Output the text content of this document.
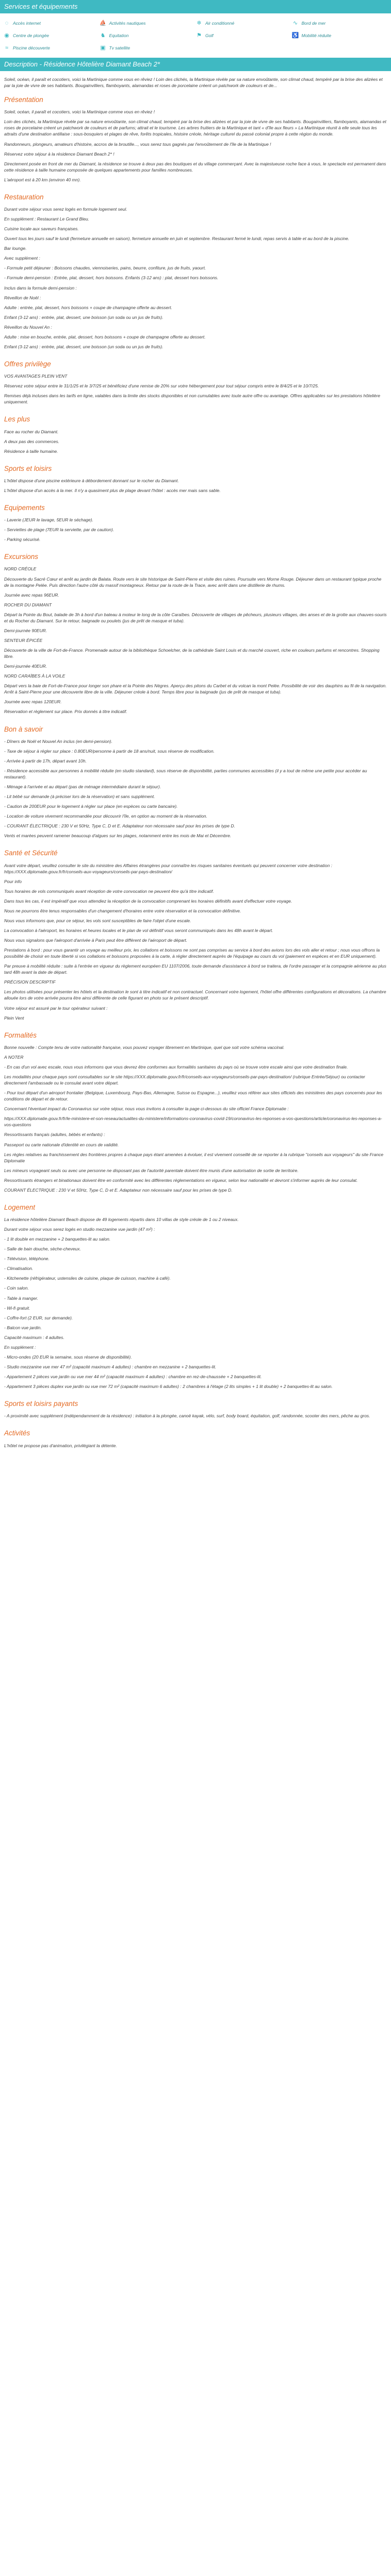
Services et équipements
◌	Accès internet	⛵ Activités nautiques	❄ Air conditionné	∿ Bord de mer
◉ Centre de plongée	♞ Equitation	⚑ Golf	♿ Mobilité réduite
≈	Piscine découverte	▣ Tv satellite
Description - Résidence Hôtelière Diamant Beach 2*

Soleil, océan, il paraît et cocotiers, voici la Martinique comme vous en rêviez ! Loin des clichés, la Martinique révèle par sa nature envoûtante, son climat chaud, tempéré par la brise des alizées et par la joie de vivre de ses habitants. Bougainvilliers, flamboyants, alamandas et roses de porcelaine créent un patchwork de couleurs et de...

Présentation

Soleil, océan, il paraît et cocotiers, voici la Martinique comme vous en rêviez !

Loin des clichés, la Martinique révèle par sa nature envoûtante, son climat chaud, tempéré par la brise des alizées et par la joie de vivre de ses habitants. Bougainvilliers, flamboyants, alamandas et roses de porcelaine créent un patchwork de couleurs et de parfums; attrait et le tourisme. Les arbres fruitiers de la Martinique et tant « d'île aux fleurs » La Martinique réunit à elle seule tous les attraits d'une destination antillaise : sous-bosquiers et plages de rêve, forêts tropicales, histoire créole, héritage culturel du passé colonial propre à cette région du monde.

Randonneurs, plongeurs, amateurs d'histoire, accros de la broutille..., vous serez tous gagnés par l'envoûtement de l'île de la Martinique !

Réservez votre séjour à la résidence Diamant Beach 2* !

Directement posée en front de mer du Diamant, la résidence se trouve à deux pas des boutiques et du village commerçant. Avec la majestueuse roche face à vous, le spectacle est permanent dans cette résidence à taille humaine composée de quelques appartements pour familles nombreuses.

L'aéroport est à 20 km (environ 40 mn).

Restauration

Durant votre séjour vous serez logés en formule logement seul.

En supplément : Restaurant Le Grand Bleu.

Cuisine locale aux saveurs françaises.

Ouvert tous les jours sauf le lundi (fermeture annuelle en saison), fermeture annuelle en juin et septembre. Restaurant fermé le lundi, repas servis à table et au bord de la piscine.

Bar lounge.

Avec supplément :

- Formule petit déjeuner : Boissons chaudes, viennoiseries, pains, beurre, confiture, jus de fruits, yaourt.

- Formule demi-pension : Entrée, plat, dessert, hors boissons. Enfants (3-12 ans) : plat, dessert hors boissons.

Inclus dans la formule demi-pension :

Réveillon de Noël :

Adulte : entrée, plat, dessert, hors boissons + coupe de champagne offerte au dessert.

Enfant (3-12 ans) : entrée, plat, dessert, une boisson (un soda ou un jus de fruits).

Réveillon du Nouvel An :

Adulte : mise en bouche, entrée, plat, dessert, hors boissons + coupe de champagne offerte au dessert.

Enfant (3-12 ans) : entrée, plat, dessert, une boisson (un soda ou un jus de fruits).

Offres privilège

VOS AVANTAGES PLEIN VENT

Réservez votre séjour entre le 31/1/25 et le 3/7/25 et bénéficiez d'une remise de 20% sur votre hébergement pour tout séjour compris entre le 8/4/25 et le 10/7/25.

Remises déjà incluses dans les tarifs en ligne, valables dans la limite des stocks disponibles et non cumulables avec toute autre offre ou avantage. Offres applicables sur les prestations hôtelière uniquement.

Les plus

Face au rocher du Diamant.

A deux pas des commerces.

Résidence à taille humaine.

Sports et loisirs

L'hôtel dispose d'une piscine extérieure à débordement donnant sur le rocher du Diamant.

L'hôtel dispose d'un accès à la mer. Il n'y a quasiment plus de plage devant l'hôtel : accès mer mais sans sable.

Equipements

- Laverie (JEUR le lavage, 5EUR le séchage).

- Serviettes de plage (7EUR la serviette, par de caution).

- Parking sécurisé.

Excursions

NORD CRÉOLE

Découverte du Sacré Cœur et arrêt au jardin de Balata. Route vers le site historique de Saint-Pierre et visite des ruines. Poursuite vers Morne Rouge. Déjeuner dans un restaurant typique proche de la montagne Pelée. Puis direction l'autre côté du massif montagneux. Retour par la route de la Trace, avec arrêt dans une distillerie de rhums.

Journée avec repas 96EUR.

ROCHER DU DIAMANT

Départ la Pointe du Bout, balade de 3h à bord d'un bateau à moteur le long de la côte Caraïbes. Découverte de villages de pêcheurs, plusieurs villages, des anses et de la grotte aux chauves-souris et du Rocher du Diamant. Sur le retour, baignade ou poulets (jus de prêt de masque et tuba).

Demi-journée 90EUR.

SENTEUR ÉPICÉE

Découverte de la ville de Fort-de-France. Promenade autour de la bibliothèque Schoelcher, de la cathédrale Saint Louis et du marché couvert, riche en couleurs parfums et rencontres. Shopping libre.

Demi-journée 40EUR.

NORD CARAÏBES À LA VOILE

Départ vers la baie de Fort-de-France pour longer son phare et la Pointe des Nègres. Aperçu des pitons du Carbet et du volcan la mont Pelée. Possibilité de voir des dauphins au fil de la navigation. Arrêt à Saint-Pierre pour une découverte libre de la ville. Déjeuner créole à bord. Temps libre pour la baignade (jus de prêt de masque et tuba).

Journée avec repas 120EUR.

Réservation et règlement sur place. Prix donnés à titre indicatif.

Bon à savoir

- Dîners de Noël et Nouvel An inclus (en demi-pension).

- Taxe de séjour à régler sur place : 0.80EUR/personne à partir de 18 ans/nuit, sous réserve de modification.

- Arrivée à partir de 17h, départ avant 10h.

- Résidence accessible aux personnes à mobilité réduite (en studio standard), sous réserve de disponibilité, parties communes accessibles (il y a tout de même une petite pour accéder au restaurant).

- Ménage à l'arrivée et au départ (pas de ménage intermédiaire durant le séjour).

- Lit bébé sur demande (à préciser lors de la réservation) et sans supplément.

- Caution de 200EUR pour le logement à régler sur place (en espèces ou carte bancaire).

- Location de voiture vivement recommandée pour découvrir l'île, en option au moment de la réservation.

- COURANT ÉLECTRIQUE : 230 V et 50Hz, Type C, D et E. Adaptateur non nécessaire sauf pour les prises de type D.

Vents et marées peuvent ramener beaucoup d'algues sur les plages, notamment entre les mois de Mai et Décembre.

Santé et Sécurité

Avant votre départ, veuillez consulter le site du ministère des Affaires étrangères pour connaître les risques sanitaires éventuels qui peuvent concerner votre destination : https://XXX.diplomatie.gouv.fr/fr/conseils-aux-voyageurs/conseils-par-pays-destination/

Pour info

Tous horaires de vols communiqués avant réception de votre convocation ne peuvent être qu'à titre indicatif.

Dans tous les cas, il est impératif que vous attendiez la réception de la convocation comprenant les horaires définitifs avant d'effectuer votre voyage.

Nous ne pourrons être tenus responsables d'un changement d'horaires entre votre réservation et la convocation définitive.

Nous vous informons que, pour ce séjour, les vols sont susceptibles de faire l'objet d'une escale.

La convocation à l'aéroport, les horaires et heures locales et le plan de vol définitif vous seront communiqués dans les 48h avant le départ.

Nous vous signalons que l'aéroport d'arrivée à Paris peut être différent de l'aéroport de départ.

Prestations à bord : pour vous garantir un voyage au meilleur prix, les collations et boissons ne sont pas comprises au service à bord des avions lors des vols aller et retour ; nous vous offrons la possibilité de choisir en toute liberté si vos collations et boissons proposées à la carte, à régler directement auprès de l'équipage au cours du vol (paiement en espèces et en EUR uniquement).

Par preuve à mobilité réduite : suite à l'entrée en vigueur du règlement européen EU 1107/2006, toute demande d'assistance à bord se traitera, de l'ordre passager et la compagnie aérienne au plus tard 48h avant la date de départ.

PRÉCISION DESCRIPTIF

Les photos utilisées pour présenter les hôtels et la destination le sont à titre indicatif et non contractuel. Concernant votre logement, l'hôtel offre différentes configurations et décorations. La chambre allouée lors de votre arrivée pourra être ainsi différente de celle figurant en photo sur le présent descriptif.

Votre séjour est assuré par le tour opérateur suivant :

Plein Vent

Formalités

Bonne nouvelle : Compte tenu de votre nationalité française, vous pouvez voyager librement en Martinique, quel que soit votre schéma vaccinal.

A NOTER

- En cas d'un vol avec escale, nous vous informons que vous devrez être conformes aux formalités sanitaires du pays où se trouve votre escale ainsi que votre destination finale.

Les modalités pour chaque pays sont consultables sur le site https://XXX.diplomatie.gouv.fr/fr/conseils-aux-voyageurs/conseils-par-pays-destination/ (rubrique Entrée/Séjour) ou contacter directement l'ambassade ou le consulat avant votre départ.

- Pour tout départ d'un aéroport frontalier (Belgique, Luxembourg, Pays-Bas, Allemagne, Suisse ou Espagne...), veuillez vous référer aux sites officiels des ministères des pays concernés pour les conditions de départ et de retour.

Concernant l'éventuel impact du Coronavirus sur votre séjour, nous vous invitons à consulter la page ci-dessous du site officiel France Diplomatie :

https://XXX.diplomatie.gouv.fr/fr/le-ministere-et-son-reseau/actualites-du-ministere/informations-coronavirus-covid-19/coronavirus-les-reponses-a-vos-questions/article/coronavirus-les-reponses-a-vos-questions

Ressortissants français (adultes, bébés et enfants) :

Passeport ou carte nationale d'identité en cours de validité.

Les règles relatives au franchissement des frontières propres à chaque pays étant amenées à évoluer, il est vivement conseillé de se reporter à la rubrique "conseils aux voyageurs" du site France Diplomatie

Les mineurs voyageant seuls ou avec une personne ne disposant pas de l'autorité parentale doivent être munis d'une autorisation de sortie de territoire.

Ressortissants étrangers et binationaux doivent être en conformité avec les différentes réglementations en vigueur, selon leur nationalité et devront s'informer auprès de leur consulat.

COURANT ÉLECTRIQUE : 230 V et 50Hz, Type C, D et E. Adaptateur non nécessaire sauf pour les prises de type D.

Logement

La résidence hôtelière Diamant Beach dispose de 49 logements répartis dans 10 villas de style créole de 1 ou 2 niveaux.

Durant votre séjour vous serez logés en studio mezzanine vue jardin (47 m²) :

- 1 lit double en mezzanine + 2 banquettes-lit au salon.

- Salle de bain douche, sèche-cheveux.

- Télévision, téléphone.

- Climatisation.

- Kitchenette (réfrigérateur, ustensiles de cuisine, plaque de cuisson, machine à café).

- Coin salon.

- Table à manger.

- Wi-fi gratuit.

- Coffre-fort (2 EUR, sur demande).

- Balcon vue jardin.

Capacité maximum : 4 adultes.

En supplément :

- Micro-ondes (20 EUR la semaine, sous réserve de disponibilité).

- Studio mezzanine vue mer 47 m² (capacité maximum 4 adultes) : chambre en mezzanine + 2 banquettes-lit.

- Appartement 2 pièces vue jardin ou vue mer 44 m² (capacité maximum 4 adultes) : chambre en rez-de-chaussée + 2 banquettes-lit.

- Appartement 3 pièces duplex vue jardin ou vue mer 72 m² (capacité maximum 6 adultes) : 2 chambres à l'étage (2 lits simples + 1 lit double) + 2 banquettes-lit au salon.

Sports et loisirs payants

- A proximité avec supplément (indépendamment de la résidence) : initiation à la plongée, canoë kayak, vélo, surf, body board, équitation, golf, randonnée, scooter des mers, pêche au gros.

Activités

L'hôtel ne propose pas d'animation, privilégiant la détente.
